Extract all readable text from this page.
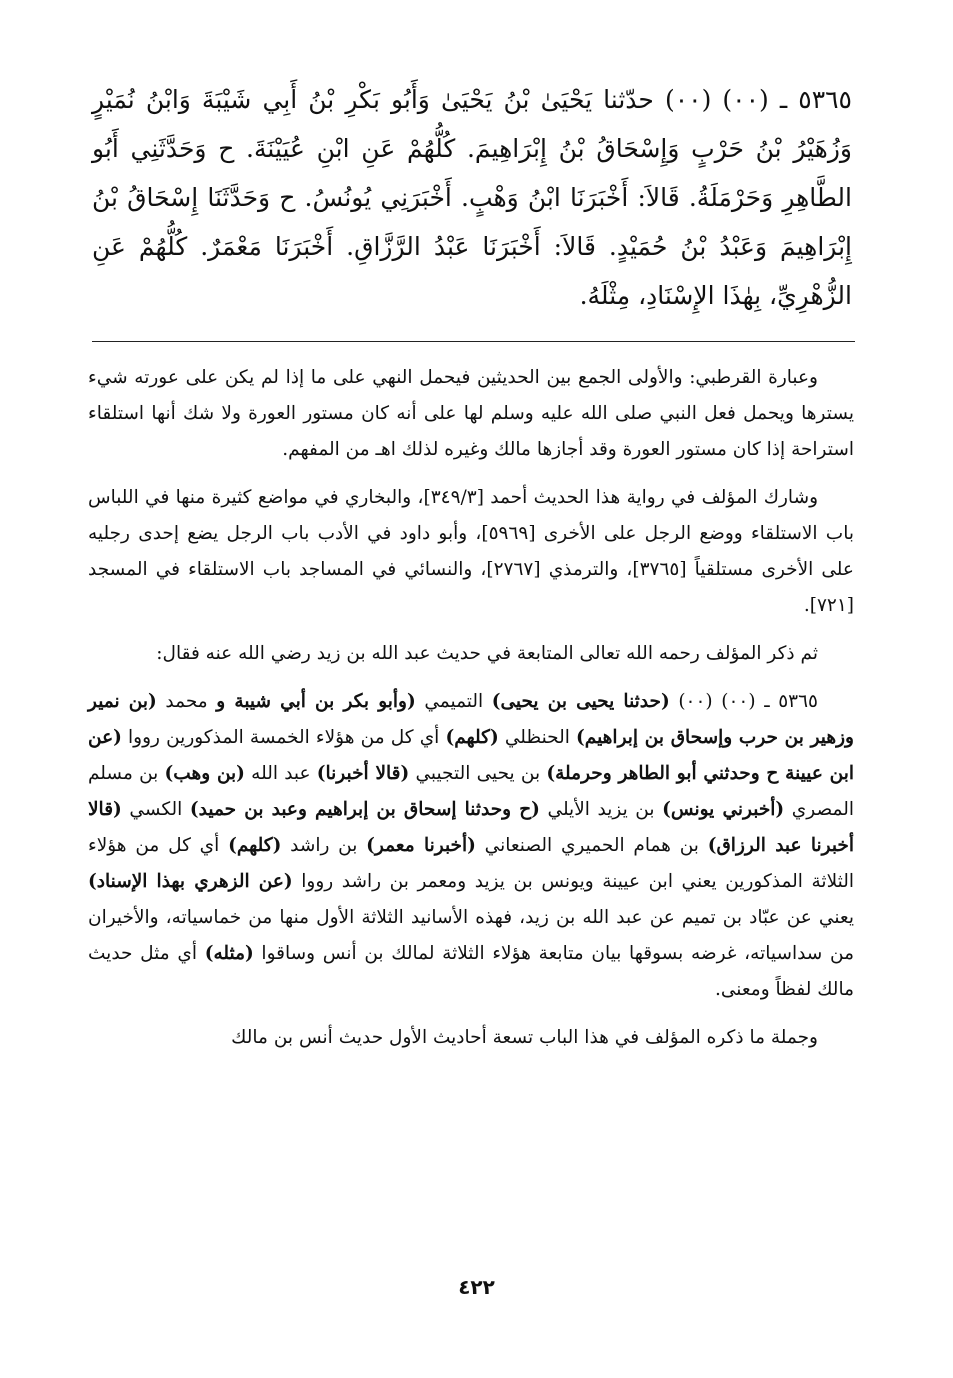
٥٣٦٥ ـ (٠٠) (٠٠) حدّثنا يَحْيَىٰ بْنُ يَحْيَىٰ وَأَبُو بَكْرِ بْنُ أَبِي شَيْبَةَ وَابْنُ نُمَيْرٍ وَزُهَيْرُ بْنُ حَرْبٍ وَإِسْحَاقُ بْنُ إِبْرَاهِيمَ. كُلُّهُمْ عَنِ ابْنِ عُيَيْنَةَ. ح وَحَدَّثَنِي أَبُو الطَّاهِرِ وَحَرْمَلَةُ. قَالاَ: أَخْبَرَنَا ابْنُ وَهْبٍ. أَخْبَرَنِي يُونُسُ. ح وَحَدَّثَنَا إِسْحَاقُ بْنُ إِبْرَاهِيمَ وَعَبْدُ بْنُ حُمَيْدٍ. قَالاَ: أَخْبَرَنَا عَبْدُ الرَّزَّاقِ. أَخْبَرَنَا مَعْمَرٌ. كُلُّهُمْ عَنِ الزُّهْرِيِّ، بِهٰذَا الإِسْنَادِ، مِثْلَهُ.

وعبارة القرطبي: والأولى الجمع بين الحديثين فيحمل النهي على ما إذا لم يكن على عورته شيء يسترها ويحمل فعل النبي صلى الله عليه وسلم لها على أنه كان مستور العورة ولا شك أنها استلقاء استراحة إذا كان مستور العورة وقد أجازها مالك وغيره لذلك اهـ من المفهم.

وشارك المؤلف في رواية هذا الحديث أحمد [٣٤٩/٣]، والبخاري في مواضع كثيرة منها في اللباس باب الاستلقاء ووضع الرجل على الأخرى [٥٩٦٩]، وأبو داود في الأدب باب الرجل يضع إحدى رجليه على الأخرى مستلقياً [٣٧٦٥]، والترمذي [٢٧٦٧]، والنسائي في المساجد باب الاستلقاء في المسجد [٧٢١].

ثم ذكر المؤلف رحمه الله تعالى المتابعة في حديث عبد الله بن زيد رضي الله عنه فقال:

٥٣٦٥ ـ (٠٠) (٠٠) (حدثنا يحيى بن يحيى) التميمي (وأبو بكر بن أبي شيبة و محمد (بن نمير وزهير بن حرب وإسحاق بن إبراهيم) الحنظلي (كلهم) أي كل من هؤلاء الخمسة المذكورين رووا (عن ابن عيينة ح وحدثني أبو الطاهر وحرملة) بن يحيى التجيبي (قالا أخبرنا) عبد الله (بن وهب) بن مسلم المصري (أخبرني يونس) بن يزيد الأيلي (ح وحدثنا إسحاق بن إبراهيم وعبد بن حميد) الكسي (قالا أخبرنا عبد الرزاق) بن همام الحميري الصنعاني (أخبرنا معمر) بن راشد (كلهم) أي كل من هؤلاء الثلاثة المذكورين يعني ابن عيينة ويونس بن يزيد ومعمر بن راشد رووا (عن الزهري بهذا الإسناد) يعني عن عبّاد بن تميم عن عبد الله بن زيد، فهذه الأسانيد الثلاثة الأول منها من خماسياته، والأخيران من سداسياته، غرضه بسوقها بيان متابعة هؤلاء الثلاثة لمالك بن أنس وساقوا (مثله) أي مثل حديث مالك لفظاً ومعنى.

وجملة ما ذكره المؤلف في هذا الباب تسعة أحاديث الأول حديث أنس بن مالك

٤٢٢
